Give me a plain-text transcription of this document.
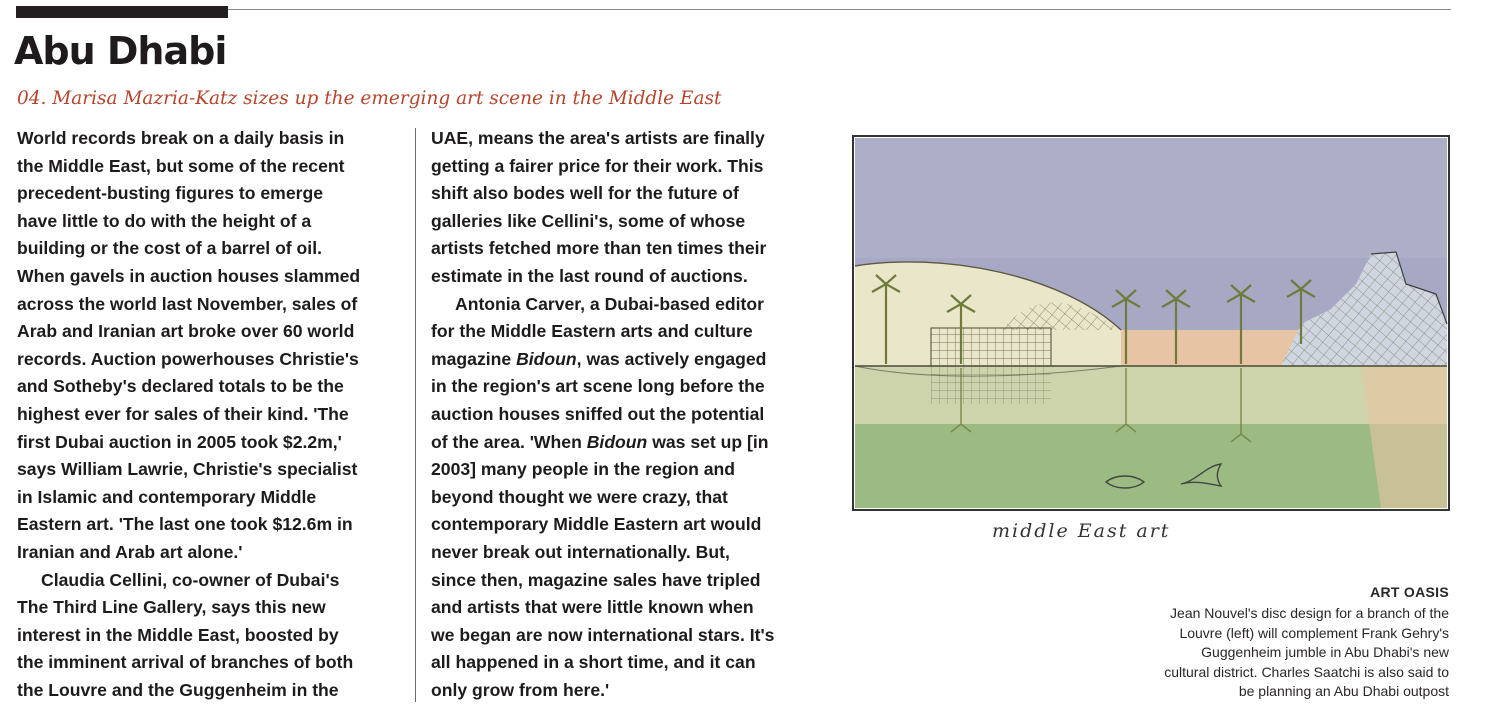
Abu Dhabi

04. Marisa Mazria-Katz sizes up the emerging art scene in the Middle East

World records break on a daily basis in

the Middle East, but some of the recent

precedent-busting figures to emerge

have little to do with the height of a

building or the cost of a barrel of oil.

When gavels in auction houses slammed

across the world last November, sales of

Arab and Iranian art broke over 60 world

records. Auction powerhouses Christie's

and Sotheby's declared totals to be the

highest ever for sales of their kind. 'The

first Dubai auction in 2005 took $2.2m,'

says William Lawrie, Christie's specialist

in Islamic and contemporary Middle

Eastern art. 'The last one took $12.6m in

Iranian and Arab art alone.'

Claudia Cellini, co-owner of Dubai's

The Third Line Gallery, says this new

interest in the Middle East, boosted by

the imminent arrival of branches of both

the Louvre and the Guggenheim in the

UAE, means the area's artists are finally

getting a fairer price for their work. This

shift also bodes well for the future of

galleries like Cellini's, some of whose

artists fetched more than ten times their

estimate in the last round of auctions.

Antonia Carver, a Dubai-based editor

for the Middle Eastern arts and culture

magazine Bidoun, was actively engaged

in the region's art scene long before the

auction houses sniffed out the potential

of the area. 'When Bidoun was set up [in

2003] many people in the region and

beyond thought we were crazy, that

contemporary Middle Eastern art would

never break out internationally. But,

since then, magazine sales have tripled

and artists that were little known when

we began are now international stars. It's

all happened in a short time, and it can

only grow from here.'

middle East art

ART OASIS

Jean Nouvel's disc design for a branch of the
Louvre (left) will complement Frank Gehry's
Guggenheim jumble in Abu Dhabi's new
cultural district. Charles Saatchi is also said to
be planning an Abu Dhabi outpost
